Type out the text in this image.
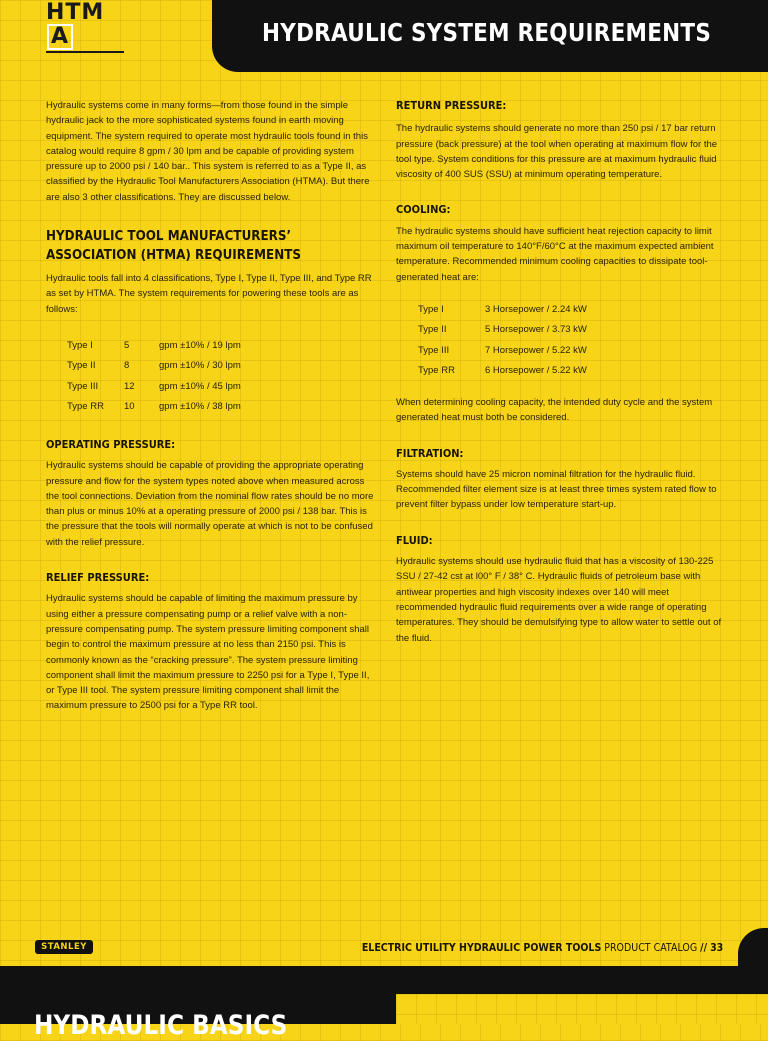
HYDRAULIC SYSTEM REQUIREMENTS
HTMA

Hydraulic systems come in many forms—from those found in the simple hydraulic jack to the more sophisticated systems found in earth moving equipment. The system required to operate most hydraulic tools found in this catalog would require 8 gpm / 30 lpm and be capable of providing system pressure up to 2000 psi / 140 bar.. This system is referred to as a Type II, as classified by the Hydraulic Tool Manufacturers Association (HTMA). But there are also 3 other classifications. They are discussed below.

HYDRAULIC TOOL MANUFACTURERS’
ASSOCIATION (HTMA) REQUIREMENTS

Hydraulic tools fall into 4 classifications, Type I, Type II, Type III, and Type RR as set by HTMA. The system requirements for powering these tools are as follows:

Type I	5	gpm ±10% / 19 lpm
Type II	8	gpm ±10% / 30 lpm
Type III	12	gpm ±10% / 45 lpm
Type RR	10	gpm ±10% / 38 lpm
OPERATING PRESSURE:

Hydraulic systems should be capable of providing the appropriate operating pressure and flow for the system types noted above when measured across the tool connections. Deviation from the nominal flow rates should be no more than plus or minus 10% at a operating pressure of 2000 psi / 138 bar. This is the pressure that the tools will normally operate at which is not to be confused with the relief pressure.

RELIEF PRESSURE:

Hydraulic systems should be capable of limiting the maximum pressure by using either a pressure compensating pump or a relief valve with a non-pressure compensating pump. The system pressure limiting component shall begin to control the maximum pressure at no less than 2150 psi. This is commonly known as the “cracking pressure”. The system pressure limiting component shall limit the maximum pressure to 2250 psi for a Type I, Type II, or Type III tool. The system pressure limiting component shall limit the maximum pressure to 2500 psi for a Type RR tool.

RETURN PRESSURE:

The hydraulic systems should generate no more than 250 psi / 17 bar return pressure (back pressure) at the tool when operating at maximum flow for the tool type. System conditions for this pressure are at maximum hydraulic fluid viscosity of 400 SUS (SSU) at minimum operating temperature.

COOLING:

The hydraulic systems should have sufficient heat rejection capacity to limit maximum oil temperature to 140°F/60°C at the maximum expected ambient temperature. Recommended minimum cooling capacities to dissipate tool-generated heat are:

Type I	3 Horsepower / 2.24 kW
Type II	5 Horsepower / 3.73 kW
Type III	7 Horsepower / 5.22 kW
Type RR	6 Horsepower / 5.22 kW

When determining cooling capacity, the intended duty cycle and the system generated heat must both be considered.

FILTRATION:

Systems should have 25 micron nominal filtration for the hydraulic fluid. Recommended filter element size is at least three times system rated flow to prevent filter bypass under low temperature start-up.

FLUID:

Hydraulic systems should use hydraulic fluid that has a viscosity of 130-225 SSU / 27-42 cst at l00° F / 38° C. Hydraulic fluids of petroleum base with antiwear properties and high viscosity indexes over 140 will meet recommended hydraulic fluid requirements over a wide range of operating temperatures. They should be demulsifying type to allow water to settle out of the fluid.

STANLEY	ELECTRIC UTILITY HYDRAULIC POWER TOOLS PRODUCT CATALOG // 33
HYDRAULIC BASICS
